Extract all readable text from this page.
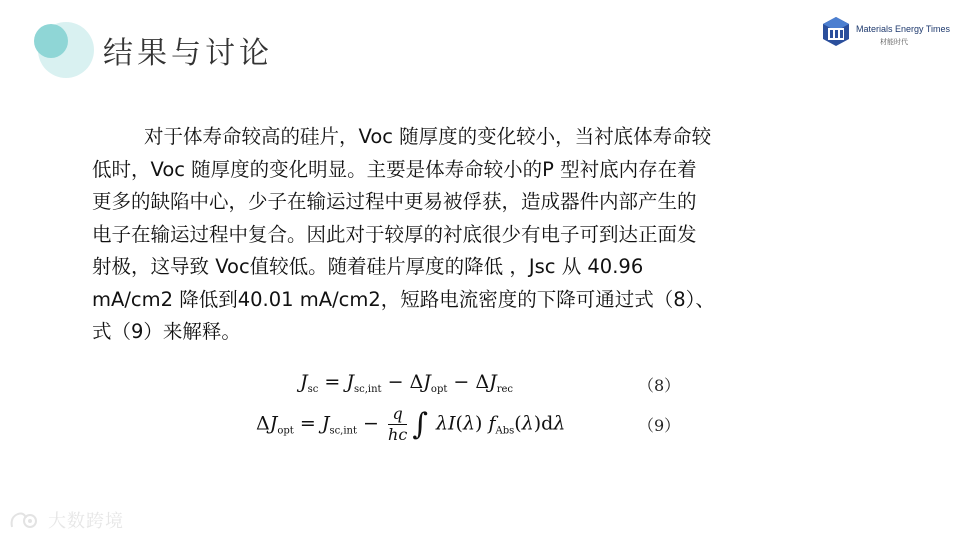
结果与讨论
Materials Energy Times
材能时代
对于体寿命较高的硅片，Voc 随厚度的变化较小，当衬底体寿命较
低时，Voc 随厚度的变化明显。主要是体寿命较小的P 型衬底内存在着
更多的缺陷中心，少子在输运过程中更易被俘获，造成器件内部产生的
电子在输运过程中复合。因此对于较厚的衬底很少有电子可到达正面发
射极，这导致 Voc值较低。随着硅片厚度的降低 ，Jsc 从 40.96
mA/cm2 降低到40.01 mA/cm2，短路电流密度的下降可通过式（8）、
式（9）来解释。
$J_{sc} = J_{sc,int} - \Delta J_{opt} - \Delta J_{rec}$	（8）
$\Delta J_{opt} = J_{sc,int} - \frac{q}{hc}$ ∫ λI(λ) $f_{Abs}(\lambda)d\lambda$	（9）
大数跨境
